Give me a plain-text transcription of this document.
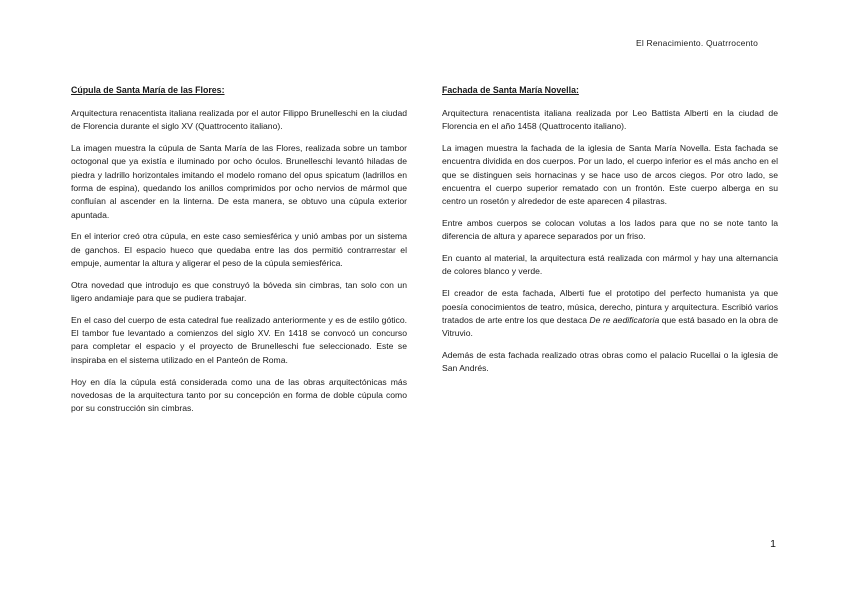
El Renacimiento. Quatrrocento
Cúpula de Santa María de las Flores:

Arquitectura renacentista italiana realizada por el autor Filippo Brunelleschi en la ciudad de Florencia durante el siglo XV (Quattrocento italiano).

La imagen muestra la cúpula de Santa María de las Flores, realizada sobre un tambor octogonal que ya existía e iluminado por ocho óculos. Brunelleschi levantó hiladas de piedra y ladrillo horizontales imitando el modelo romano del opus spicatum (ladrillos en forma de espina), quedando los anillos comprimidos por ocho nervios de mármol que confluían al ascender en la linterna. De esta manera, se obtuvo una cúpula exterior apuntada.

En el interior creó otra cúpula, en este caso semiesférica y unió ambas por un sistema de ganchos. El espacio hueco que quedaba entre las dos permitió contrarrestar el empuje, aumentar la altura y aligerar el peso de la cúpula semiesférica.

Otra novedad que introdujo es que construyó la bóveda sin cimbras, tan solo con un ligero andamiaje para que se pudiera trabajar.

En el caso del cuerpo de esta catedral fue realizado anteriormente y es de estilo gótico. El tambor fue levantado a comienzos del siglo XV. En 1418 se convocó un concurso para completar el espacio y el proyecto de Brunelleschi fue seleccionado. Este se inspiraba en el sistema utilizado en el Panteón de Roma.

Hoy en día la cúpula está considerada como una de las obras arquitectónicas más novedosas de la arquitectura tanto por su concepción en forma de doble cúpula como por su construcción sin cimbras.

Fachada de Santa María Novella:

Arquitectura renacentista italiana realizada por Leo Battista Alberti en la ciudad de Florencia en el año 1458 (Quattrocento italiano).

La imagen muestra la fachada de la iglesia de Santa María Novella. Esta fachada se encuentra dividida en dos cuerpos. Por un lado, el cuerpo inferior es el más ancho en el que se distinguen seis hornacinas y se hace uso de arcos ciegos. Por otro lado, se encuentra el cuerpo superior rematado con un frontón. Este cuerpo alberga en su centro un rosetón y alrededor de este aparecen 4 pilastras.

Entre ambos cuerpos se colocan volutas a los lados para que no se note tanto la diferencia de altura y aparece separados por un friso.

En cuanto al material, la arquitectura está realizada con mármol y hay una alternancia de colores blanco y verde.

El creador de esta fachada, Alberti fue el prototipo del perfecto humanista ya que poesía conocimientos de teatro, música, derecho, pintura y arquitectura. Escribió varios tratados de arte entre los que destaca De re aedificatoria que está basado en la obra de Vitruvio.

Además de esta fachada realizado otras obras como el palacio Rucellai o la iglesia de San Andrés.

1
